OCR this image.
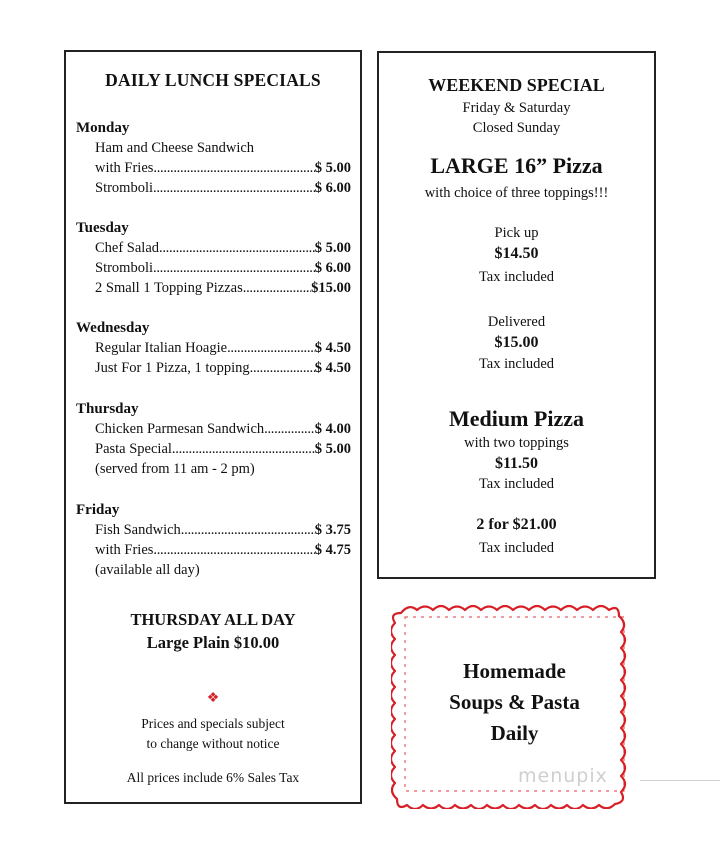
DAILY LUNCH SPECIALS
Monday
Ham and Cheese Sandwich
with Fries .....	$ 5.00
Stromboli .....	$ 6.00
Tuesday
Chef Salad .....	$ 5.00
Stromboli .....	$ 6.00
2 Small 1 Topping Pizzas .....	$15.00
Wednesday
Regular Italian Hoagie .....	$ 4.50
Just For 1 Pizza, 1 topping .....	$ 4.50
Thursday
Chicken Parmesan Sandwich .....	$ 4.00
Pasta Special .....	$ 5.00
(served from 11 am - 2 pm)
Friday
Fish Sandwich .....	$ 3.75
with Fries .....	$ 4.75
(available all day)
THURSDAY ALL DAY
Large Plain $10.00
❖
Prices and specials subject
to change without notice
All prices include 6% Sales Tax
WEEKEND SPECIAL
Friday & Saturday
Closed Sunday
LARGE 16” Pizza
with choice of three toppings!!!
Pick up
$14.50
Tax included
Delivered
$15.00
Tax included
Medium Pizza
with two toppings
$11.50
Tax included
2 for $21.00
Tax included
Homemade
Soups & Pasta
Daily
menupix
